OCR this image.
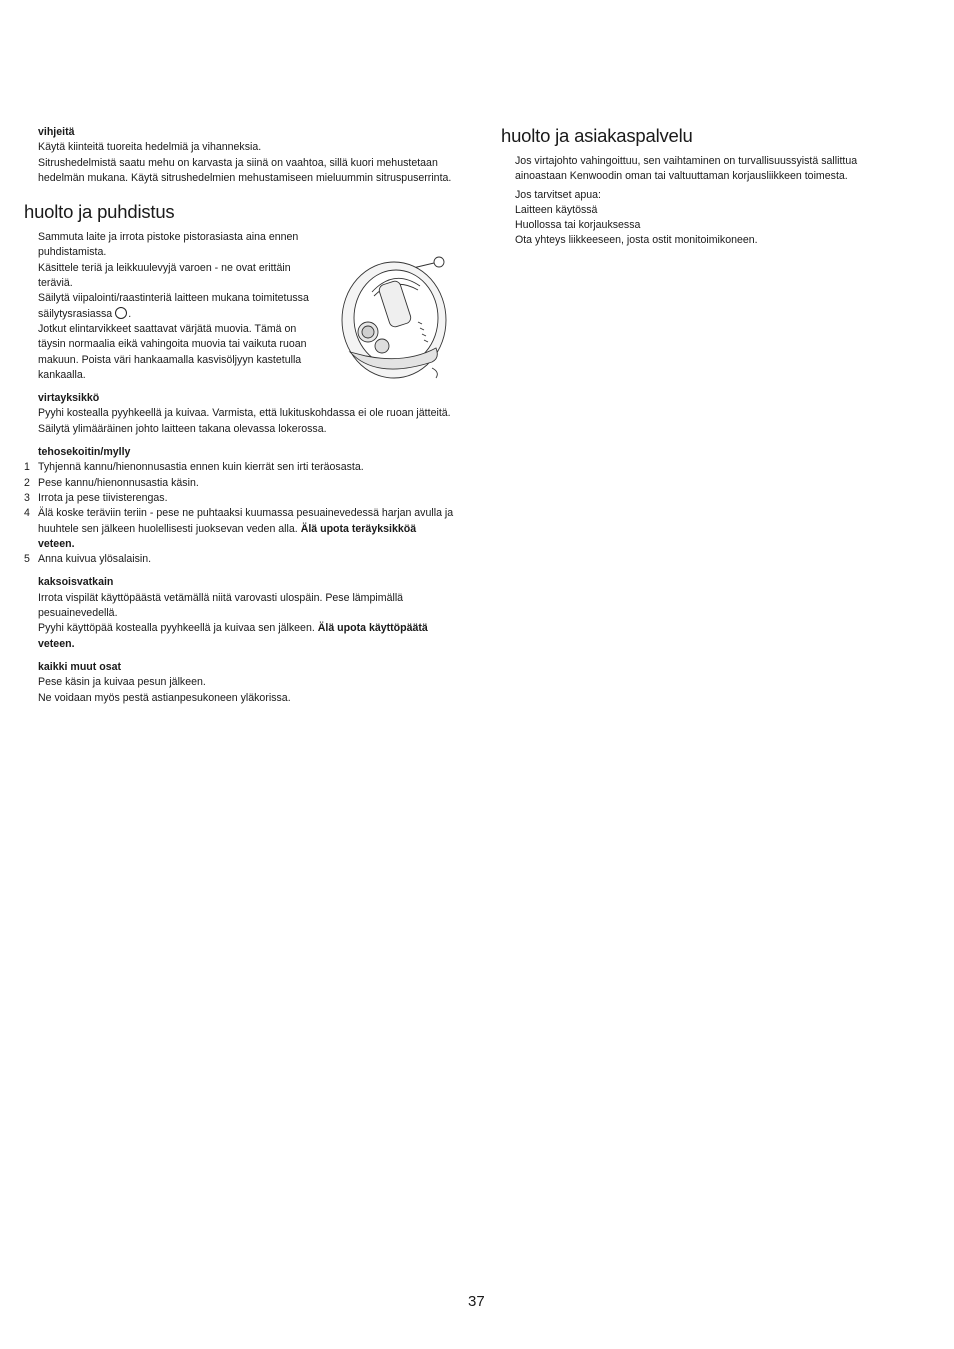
vihjeitä

Käytä kiinteitä tuoreita hedelmiä ja vihanneksia.

Sitrushedelmistä saatu mehu on karvasta ja siinä on vaahtoa, sillä kuori mehustetaan hedelmän mukana. Käytä sitrushedelmien mehustamiseen mieluummin sitruspuserrinta.

huolto ja puhdistus

Sammuta laite ja irrota pistoke pistorasiasta aina ennen puhdistamista.

Käsittele teriä ja leikkuulevyjä varoen - ne ovat erittäin teräviä.

Säilytä viipalointi/raastinteriä laitteen mukana toimitetussa säilytysrasiassa .

Jotkut elintarvikkeet saattavat värjätä muovia. Tämä on täysin normaalia eikä vahingoita muovia tai vaikuta ruoan makuun. Poista väri hankaamalla kasvisöljyyn kastetulla kankaalla.

virtayksikkö

Pyyhi kostealla pyyhkeellä ja kuivaa. Varmista, että lukituskohdassa ei ole ruoan jätteitä.

Säilytä ylimääräinen johto laitteen takana olevassa lokerossa.

tehosekoitin/mylly

1 Tyhjennä kannu/hienonnusastia ennen kuin kierrät sen irti teräosasta.
2 Pese kannu/hienonnusastia käsin.
3 Irrota ja pese tiivisterengas.
4 Älä koske teräviin teriin - pese ne puhtaaksi kuumassa pesuainevedessä harjan avulla ja huuhtele sen jälkeen huolellisesti juoksevan veden alla. Älä upota teräyksikköä veteen.
5 Anna kuivua ylösalaisin.

kaksoisvatkain

Irrota vispilät käyttöpäästä vetämällä niitä varovasti ulospäin. Pese lämpimällä pesuainevedellä.

Pyyhi käyttöpää kostealla pyyhkeellä ja kuivaa sen jälkeen. Älä upota käyttöpäätä veteen.

kaikki muut osat

Pese käsin ja kuivaa pesun jälkeen.

Ne voidaan myös pestä astianpesukoneen yläkorissa.

huolto ja asiakaspalvelu

Jos virtajohto vahingoittuu, sen vaihtaminen on turvallisuussyistä sallittua ainoastaan Kenwoodin oman tai valtuuttaman korjausliikkeen toimesta.

Jos tarvitset apua:

Laitteen käytössä

Huollossa tai korjauksessa

Ota yhteys liikkeeseen, josta ostit monitoimikoneen.

37
